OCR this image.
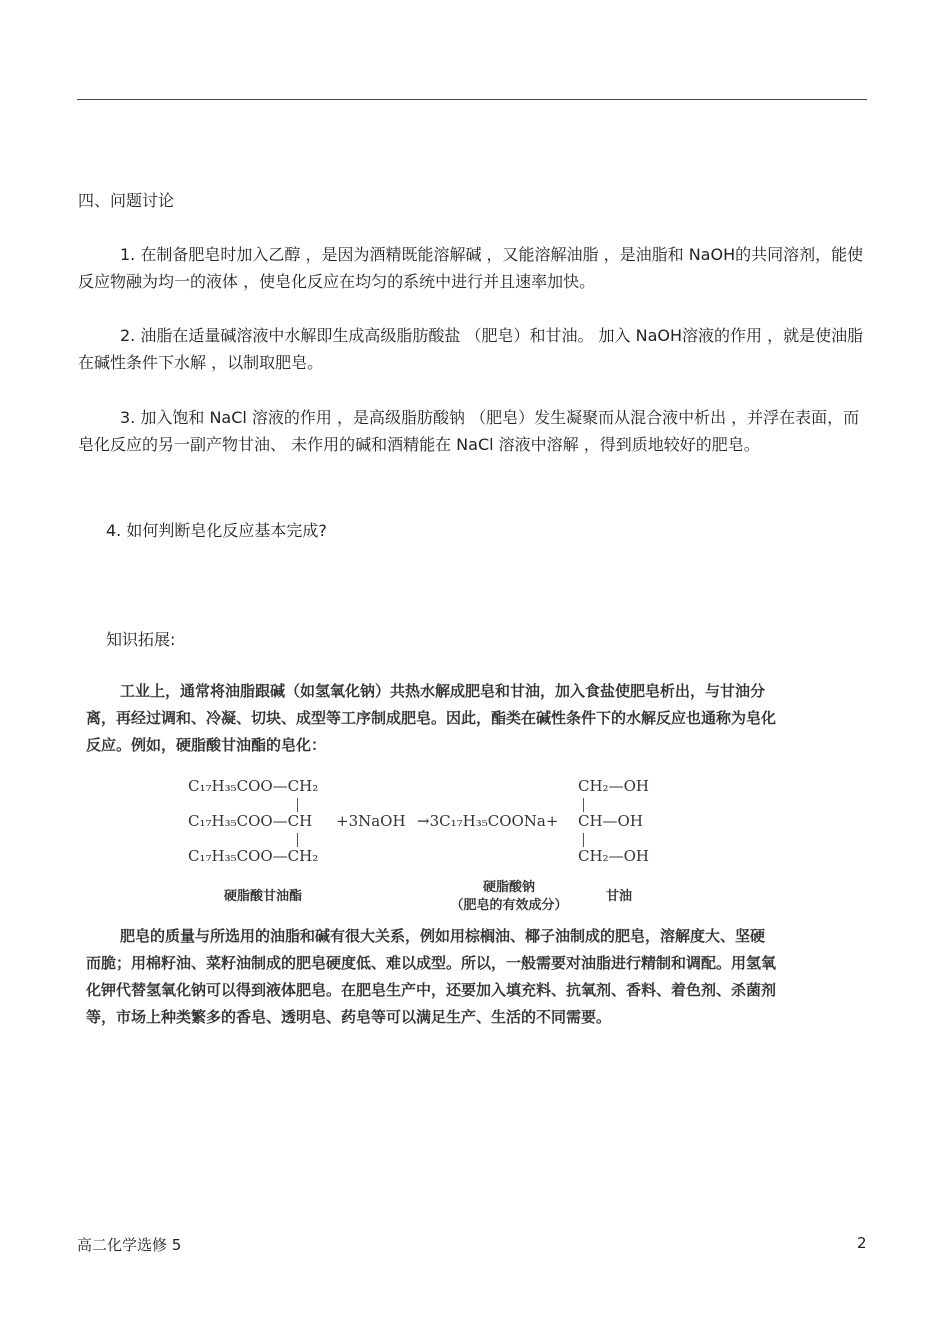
四、问题讨论
1. 在制备肥皂时加入乙醇 ，是因为酒精既能溶解碱 ，又能溶解油脂 ，是油脂和 NaOH的共同溶剂，能使反应物融为均一的液体 ，使皂化反应在均匀的系统中进行并且速率加快。
2. 油脂在适量碱溶液中水解即生成高级脂肪酸盐 （肥皂）和甘油。 加入 NaOH溶液的作用 ，就是使油脂在碱性条件下水解 ，以制取肥皂。
3. 加入饱和 NaCl 溶液的作用 ，是高级脂肪酸钠 （肥皂）发生凝聚而从混合液中析出 ，并浮在表面，而皂化反应的另一副产物甘油、 未作用的碱和酒精能在 NaCl 溶液中溶解 ，得到质地较好的肥皂。
4. 如何判断皂化反应基本完成?
知识拓展:
工业上，通常将油脂跟碱（如氢氧化钠）共热水解成肥皂和甘油，加入食盐使肥皂析出，与甘油分离，再经过调和、冷凝、切块、成型等工序制成肥皂。因此，酯类在碱性条件下的水解反应也通称为皂化反应。例如，硬脂酸甘油酯的皂化：
C₁₇H₃₅COO—CH₂
C₁₇H₃₅COO—CH
C₁₇H₃₅COO—CH₂
+3NaOH →3C₁₇H₃₅COONa+
CH₂—OH
CH—OH
CH₂—OH
硬脂酸甘油酯
硬脂酸钠
（肥皂的有效成分）
甘油
肥皂的质量与所选用的油脂和碱有很大关系，例如用棕榈油、椰子油制成的肥皂，溶解度大、坚硬而脆；用棉籽油、菜籽油制成的肥皂硬度低、难以成型。所以，一般需要对油脂进行精制和调配。用氢氧化钾代替氢氧化钠可以得到液体肥皂。在肥皂生产中，还要加入填充料、抗氧剂、香料、着色剂、杀菌剂等，市场上种类繁多的香皂、透明皂、药皂等可以满足生产、生活的不同需要。
高二化学选修 5	2
